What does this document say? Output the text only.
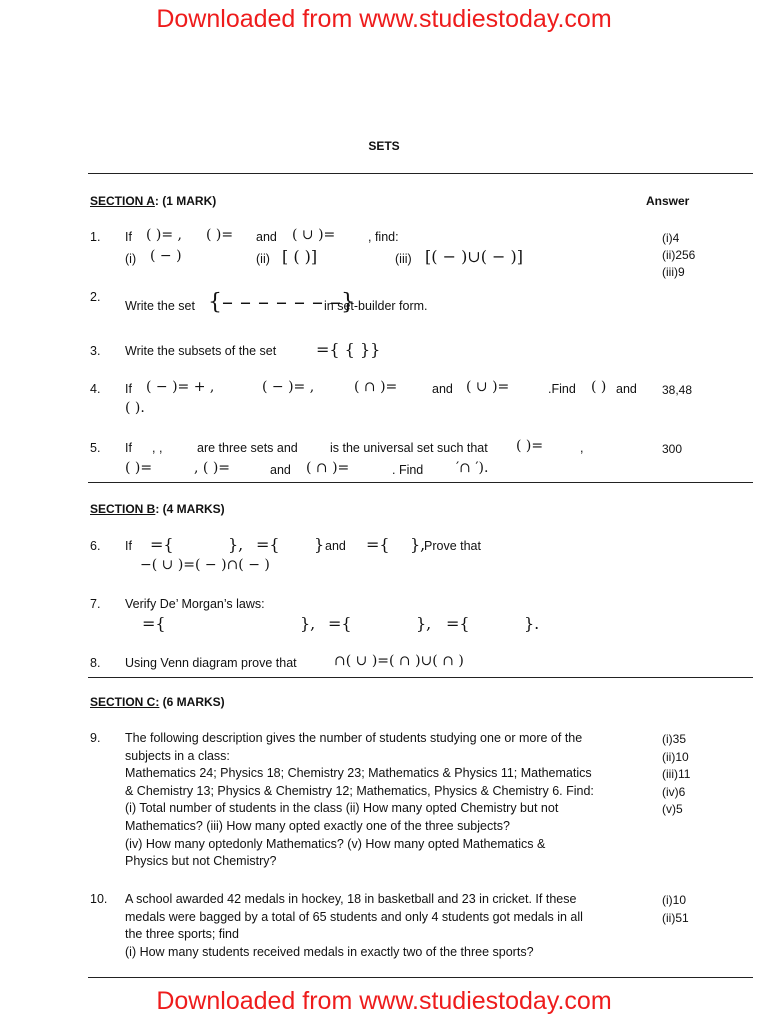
Downloaded from www.studiestoday.com
SETS
SECTION A: (1 MARK)	Answer
1. If ( )= , ( )= and ( ∪ )=	, find:
(i) ( − )	(ii) [ ( )]	(iii) [( − )∪( − )]
(i)4
(ii)256
(iii)9
2.
Write the set {– – – – – – –}
in set-builder form.
3. Write the subsets of the set ={ { }}
4. If ( − )= + ,	( − )= ,	( ∩ )=	and ( ∪ )=	.Find ( ) and
( ).
38,48
5. If , ,	are three sets and	is the universal set such that ( )=	,
( )=	, ( )=	and ( ∩ )=	. Find ′∩ ′).
300
SECTION B: (4 MARKS)
6. If ={	}, ={ } and ={ },
Prove that
−( ∪ )=( − )∩( − )
7. Verify De’ Morgan’s laws:
={	}, ={	}, ={	}.
8. Using Venn diagram prove that	∩( ∪ )=( ∩ )∪( ∩ )
SECTION C: (6 MARKS)
9. The following description gives the number of students studying one or more of the
subjects in a class:
Mathematics 24; Physics 18; Chemistry 23; Mathematics & Physics 11; Mathematics
& Chemistry 13; Physics & Chemistry 12; Mathematics, Physics & Chemistry 6. Find:
(i) Total number of students in the class (ii) How many opted Chemistry but not
Mathematics? (iii) How many opted exactly one of the three subjects?
(iv) How many optedonly Mathematics? (v) How many opted Mathematics &
Physics but not Chemistry?
(i)35
(ii)10
(iii)11
(iv)6
(v)5
10. A school awarded 42 medals in hockey, 18 in basketball and 23 in cricket. If these
medals were bagged by a total of 65 students and only 4 students got medals in all
the three sports; find
(i) How many students received medals in exactly two of the three sports?
(i)10
(ii)51
Downloaded from www.studiestoday.com
